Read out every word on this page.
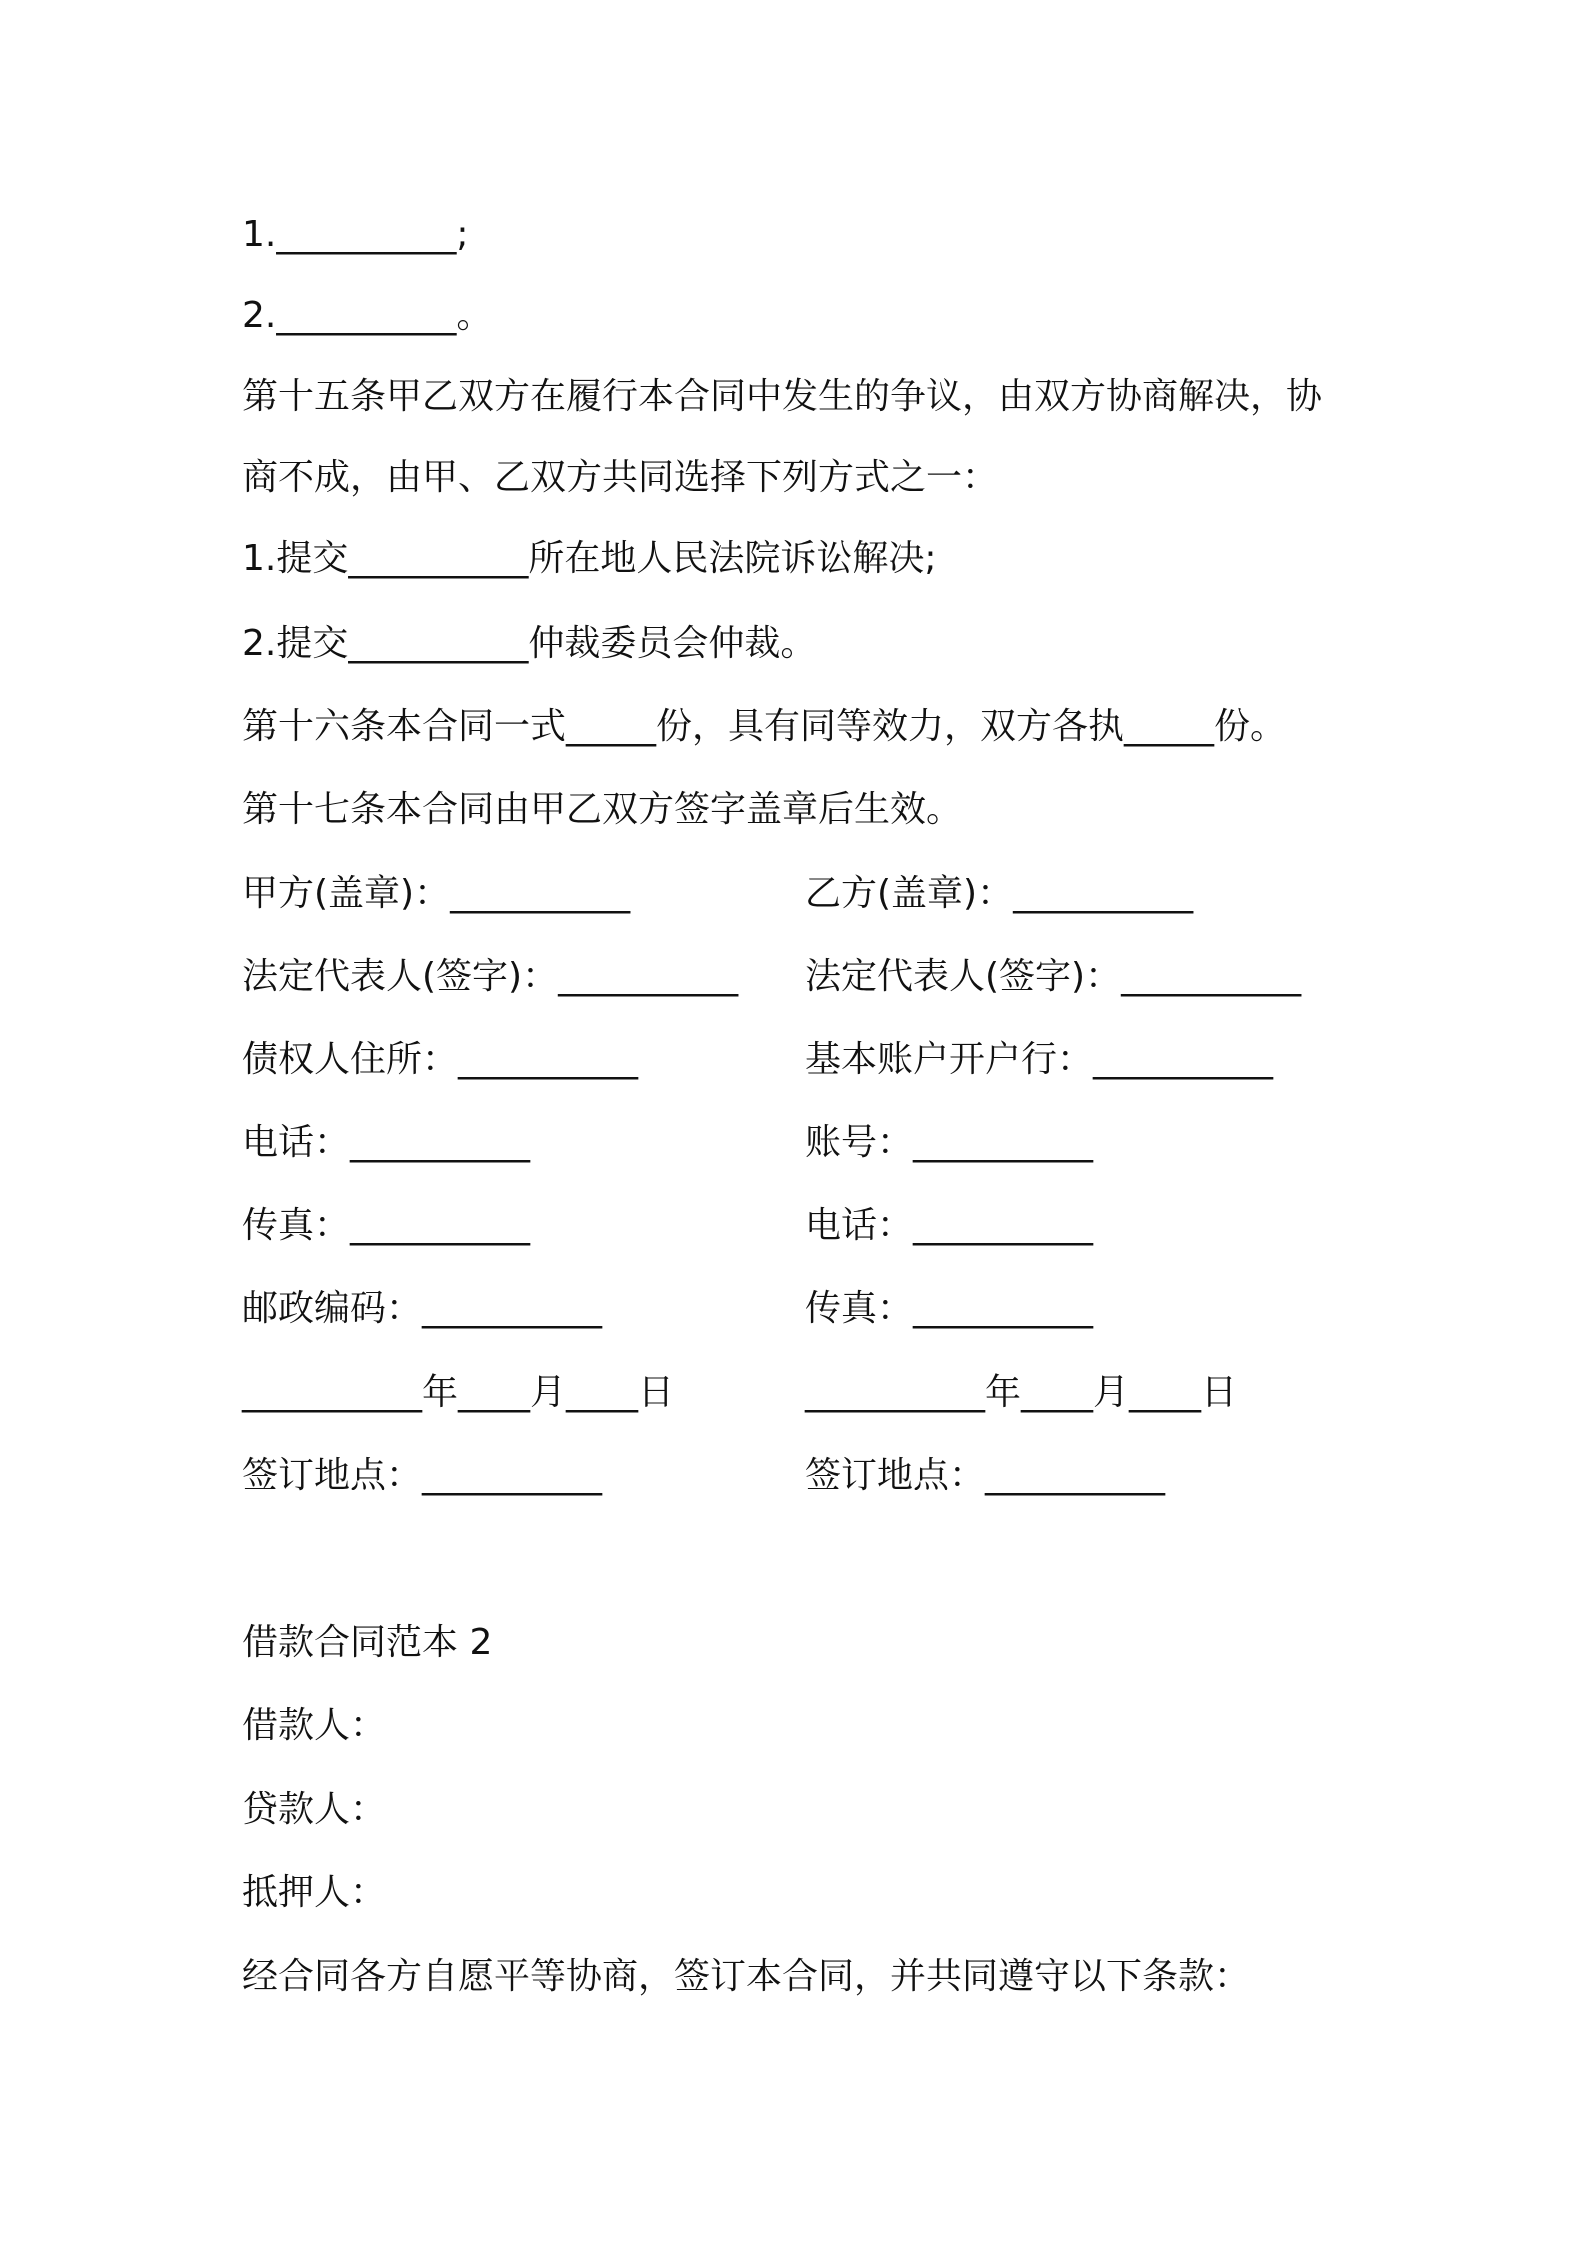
1.__________;
2.__________。
第十五条甲乙双方在履行本合同中发生的争议，由双方协商解决，协
商不成，由甲、乙双方共同选择下列方式之一：
1.提交__________所在地人民法院诉讼解决;
2.提交__________仲裁委员会仲裁。
第十六条本合同一式_____份，具有同等效力，双方各执_____份。
第十七条本合同由甲乙双方签字盖章后生效。
甲方(盖章)：__________
法定代表人(签字)：__________
债权人住所：__________
电话：__________
传真：__________
邮政编码：__________
__________年____月____日
签订地点：__________
乙方(盖章)：__________
法定代表人(签字)：__________
基本账户开户行：__________
账号：__________
电话：__________
传真：__________
__________年____月____日
签订地点：__________
借款合同范本 2
借款人：
贷款人：
抵押人：
经合同各方自愿平等协商，签订本合同，并共同遵守以下条款：
